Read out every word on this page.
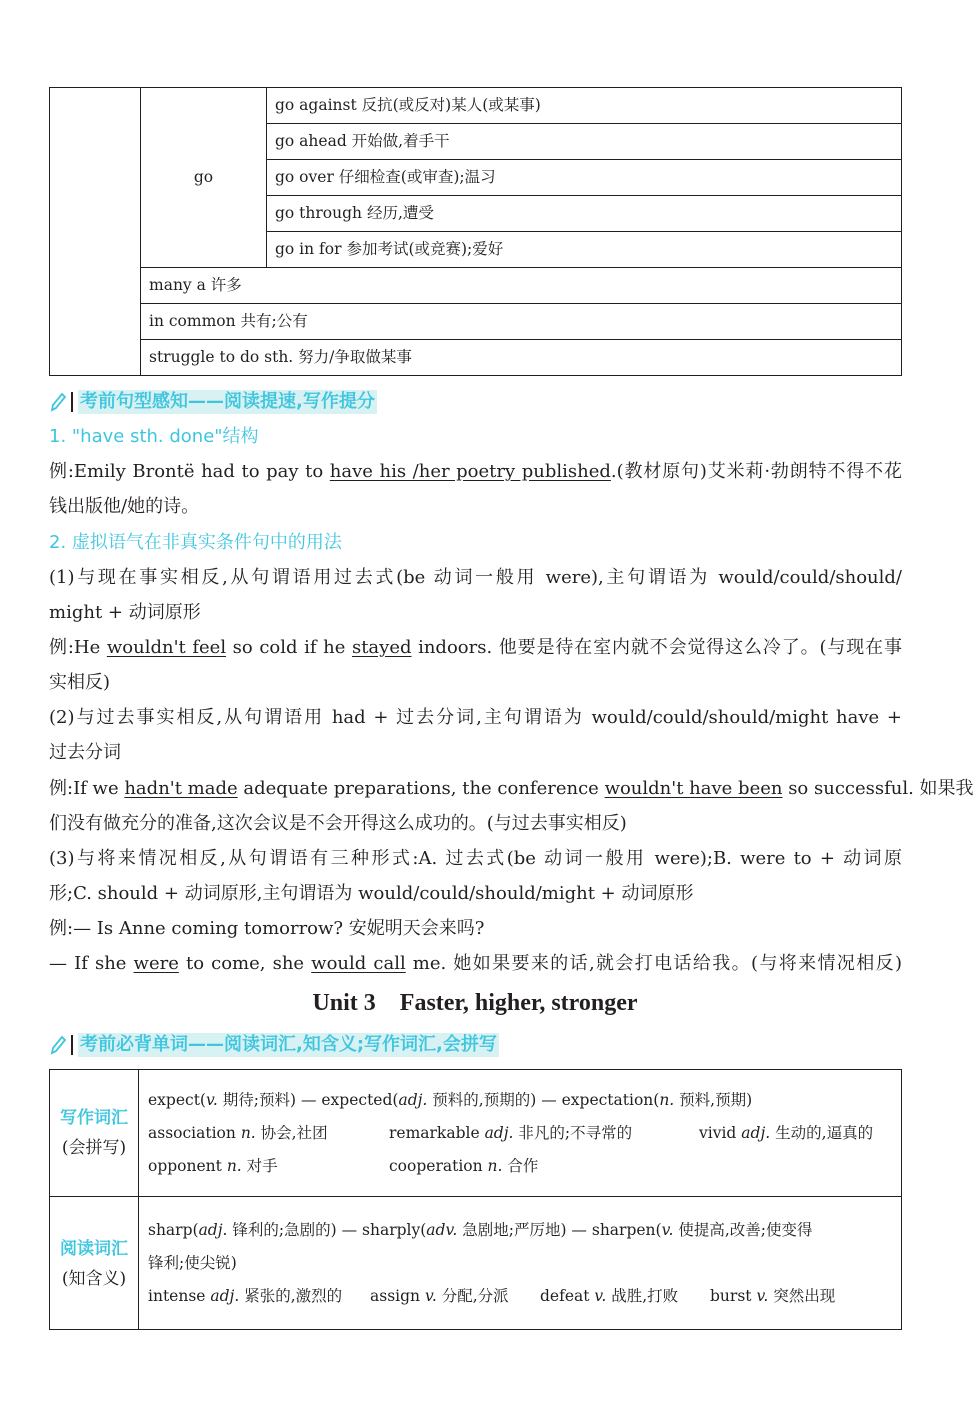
	go	go against 反抗(或反对)某人(或某事)
go ahead 开始做,着手干
go over 仔细检查(或审查);温习
go through 经历,遭受
go in for 参加考试(或竞赛);爱好
many a 许多
in common 共有;公有
struggle to do sth. 努力/争取做某事
考前句型感知——阅读提速,写作提分
1. "have sth. done"结构
例:Emily Brontë had to pay to have his /her poetry published.(教材原句)艾米莉·勃朗特不得不花
钱出版他/她的诗。
2. 虚拟语气在非真实条件句中的用法
(1)与现在事实相反,从句谓语用过去式(be 动词一般用 were),主句谓语为 would/could/should/
might + 动词原形
例:He wouldn't feel so cold if he stayed indoors. 他要是待在室内就不会觉得这么冷了。(与现在事
实相反)
(2)与过去事实相反,从句谓语用 had + 过去分词,主句谓语为 would/could/should/might have +
过去分词
例:If we hadn't made adequate preparations, the conference wouldn't have been so successful. 如果我
们没有做充分的准备,这次会议是不会开得这么成功的。(与过去事实相反)
(3)与将来情况相反,从句谓语有三种形式:A. 过去式(be 动词一般用 were);B. were to + 动词原
形;C. should + 动词原形,主句谓语为 would/could/should/might + 动词原形
例:— Is Anne coming tomorrow? 安妮明天会来吗?
— If she were to come, she would call me. 她如果要来的话,就会打电话给我。(与将来情况相反)
Unit 3    Faster, higher, stronger
考前必背单词——阅读词汇,知含义;写作词汇,会拼写
写作词汇
(会拼写)
expect(v. 期待;预料) — expected(adj. 预料的,预期的) — expectation(n. 预料,预期)
association n. 协会,社团	remarkable adj. 非凡的;不寻常的	vivid adj. 生动的,逼真的
opponent n. 对手	cooperation n. 合作
阅读词汇
(知含义)
sharp(adj. 锋利的;急剧的) — sharply(adv. 急剧地;严厉地) — sharpen(v. 使提高,改善;使变得
锋利;使尖锐)
intense adj. 紧张的,激烈的 assign v. 分配,分派 defeat v. 战胜,打败 burst v. 突然出现
